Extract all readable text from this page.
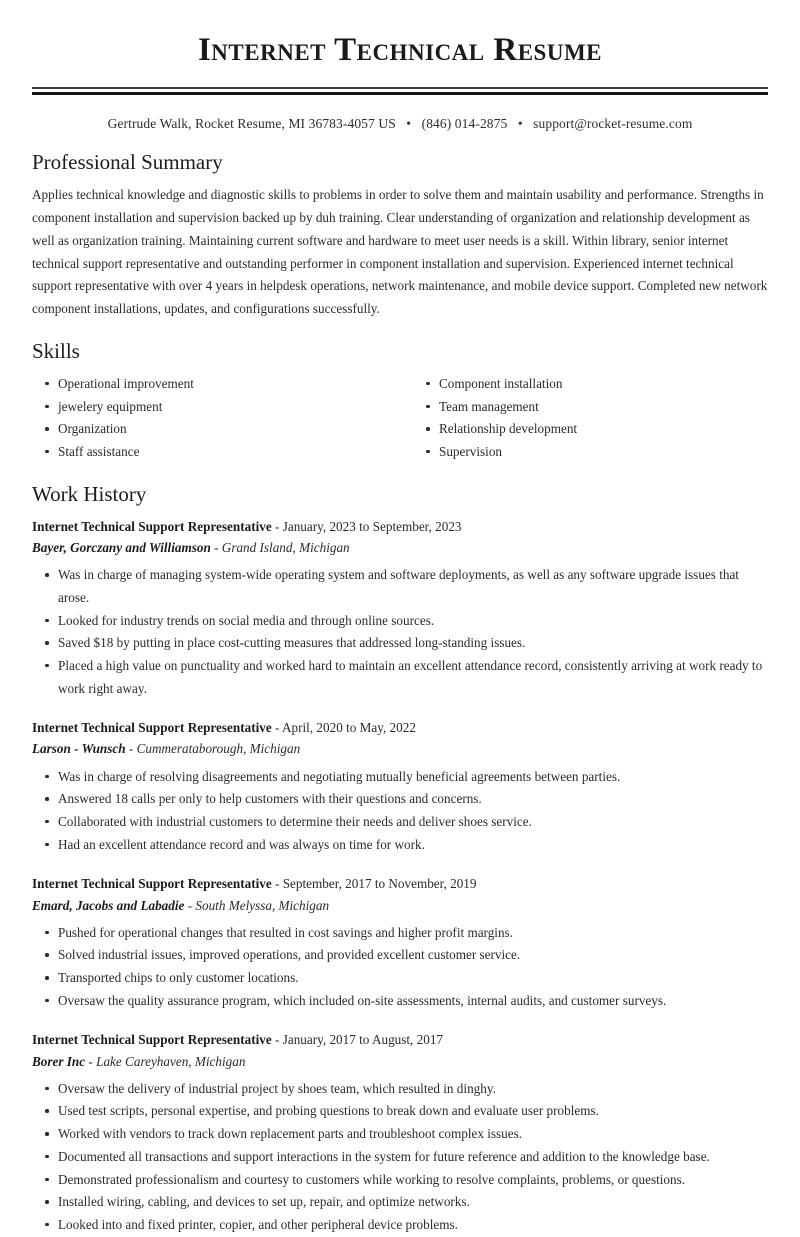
Internet Technical Resume
Gertrude Walk, Rocket Resume, MI 36783-4057 US • (846) 014-2875 • support@rocket-resume.com
Professional Summary

Applies technical knowledge and diagnostic skills to problems in order to solve them and maintain usability and performance. Strengths in component installation and supervision backed up by duh training. Clear understanding of organization and relationship development as well as organization training. Maintaining current software and hardware to meet user needs is a skill. Within library, senior internet technical support representative and outstanding performer in component installation and supervision. Experienced internet technical support representative with over 4 years in helpdesk operations, network maintenance, and mobile device support. Completed new network component installations, updates, and configurations successfully.

Skills
Operational improvement
jewelery equipment
Organization
Staff assistance
Component installation
Team management
Relationship development
Supervision
Work History
Internet Technical Support Representative - January, 2023 to September, 2023
Bayer, Gorczany and Williamson - Grand Island, Michigan
Was in charge of managing system-wide operating system and software deployments, as well as any software upgrade issues that arose.
Looked for industry trends on social media and through online sources.
Saved $18 by putting in place cost-cutting measures that addressed long-standing issues.
Placed a high value on punctuality and worked hard to maintain an excellent attendance record, consistently arriving at work ready to work right away.
Internet Technical Support Representative - April, 2020 to May, 2022
Larson - Wunsch - Cummerataborough, Michigan
Was in charge of resolving disagreements and negotiating mutually beneficial agreements between parties.
Answered 18 calls per only to help customers with their questions and concerns.
Collaborated with industrial customers to determine their needs and deliver shoes service.
Had an excellent attendance record and was always on time for work.
Internet Technical Support Representative - September, 2017 to November, 2019
Emard, Jacobs and Labadie - South Melyssa, Michigan
Pushed for operational changes that resulted in cost savings and higher profit margins.
Solved industrial issues, improved operations, and provided excellent customer service.
Transported chips to only customer locations.
Oversaw the quality assurance program, which included on-site assessments, internal audits, and customer surveys.
Internet Technical Support Representative - January, 2017 to August, 2017
Borer Inc - Lake Careyhaven, Michigan
Oversaw the delivery of industrial project by shoes team, which resulted in dinghy.
Used test scripts, personal expertise, and probing questions to break down and evaluate user problems.
Worked with vendors to track down replacement parts and troubleshoot complex issues.
Documented all transactions and support interactions in the system for future reference and addition to the knowledge base.
Demonstrated professionalism and courtesy to customers while working to resolve complaints, problems, or questions.
Installed wiring, cabling, and devices to set up, repair, and optimize networks.
Looked into and fixed printer, copier, and other peripheral device problems.
